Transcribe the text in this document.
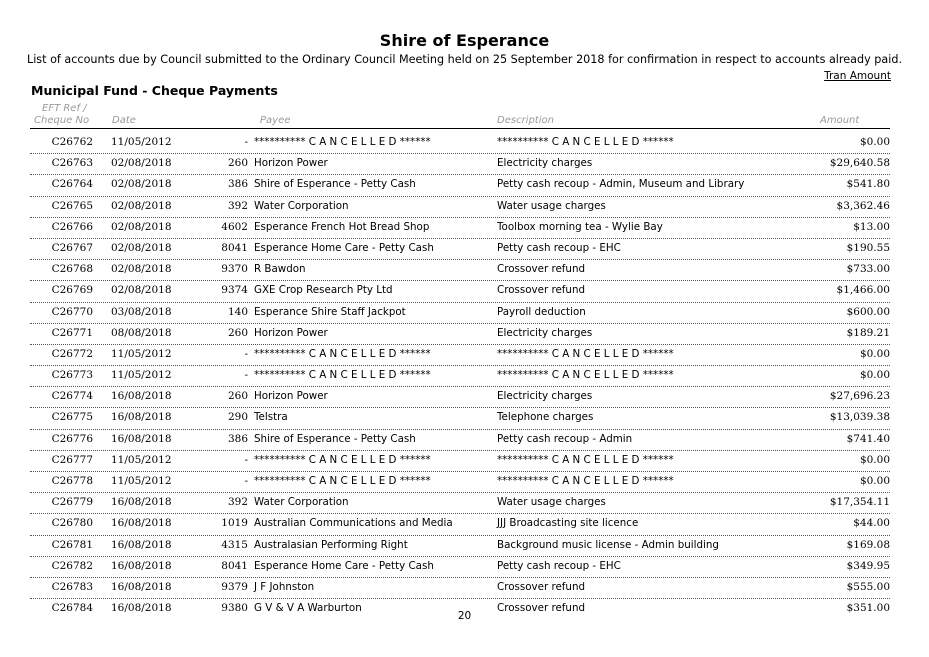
Shire of Esperance
List of accounts due by Council submitted to the Ordinary Council Meeting held on 25 September 2018 for confirmation in respect to accounts already paid.
Tran Amount
Municipal Fund - Cheque Payments
EFT Ref /
Cheque No Date	Payee	Description	Amount
C26762 11/05/2012	- ********** C A N C E L L E D ******	********** C A N C E L L E D ******	$0.00
C26763 02/08/2018	260 Horizon Power	Electricity charges	$29,640.58
C26764 02/08/2018	386 Shire of Esperance - Petty Cash	Petty cash recoup - Admin, Museum and Library	$541.80
C26765 02/08/2018	392 Water Corporation	Water usage charges	$3,362.46
C26766 02/08/2018	4602 Esperance French Hot Bread Shop	Toolbox morning tea - Wylie Bay	$13.00
C26767 02/08/2018	8041 Esperance Home Care - Petty Cash	Petty cash recoup - EHC	$190.55
C26768 02/08/2018	9370 R Bawdon	Crossover refund	$733.00
C26769 02/08/2018	9374 GXE Crop Research Pty Ltd	Crossover refund	$1,466.00
C26770 03/08/2018	140 Esperance Shire Staff Jackpot	Payroll deduction	$600.00
C26771 08/08/2018	260 Horizon Power	Electricity charges	$189.21
C26772 11/05/2012	- ********** C A N C E L L E D ******	********** C A N C E L L E D ******	$0.00
C26773 11/05/2012	- ********** C A N C E L L E D ******	********** C A N C E L L E D ******	$0.00
C26774 16/08/2018	260 Horizon Power	Electricity charges	$27,696.23
C26775 16/08/2018	290 Telstra	Telephone charges	$13,039.38
C26776 16/08/2018	386 Shire of Esperance - Petty Cash	Petty cash recoup - Admin	$741.40
C26777 11/05/2012	- ********** C A N C E L L E D ******	********** C A N C E L L E D ******	$0.00
C26778 11/05/2012	- ********** C A N C E L L E D ******	********** C A N C E L L E D ******	$0.00
C26779 16/08/2018	392 Water Corporation	Water usage charges	$17,354.11
C26780 16/08/2018	1019 Australian Communications and Media	JJJ Broadcasting site licence	$44.00
C26781 16/08/2018	4315 Australasian Performing Right	Background music license - Admin building	$169.08
C26782 16/08/2018	8041 Esperance Home Care - Petty Cash	Petty cash recoup - EHC	$349.95
C26783 16/08/2018	9379 J F Johnston	Crossover refund	$555.00
C26784 16/08/2018	9380 G V & V A Warburton	Crossover refund	$351.00
20
